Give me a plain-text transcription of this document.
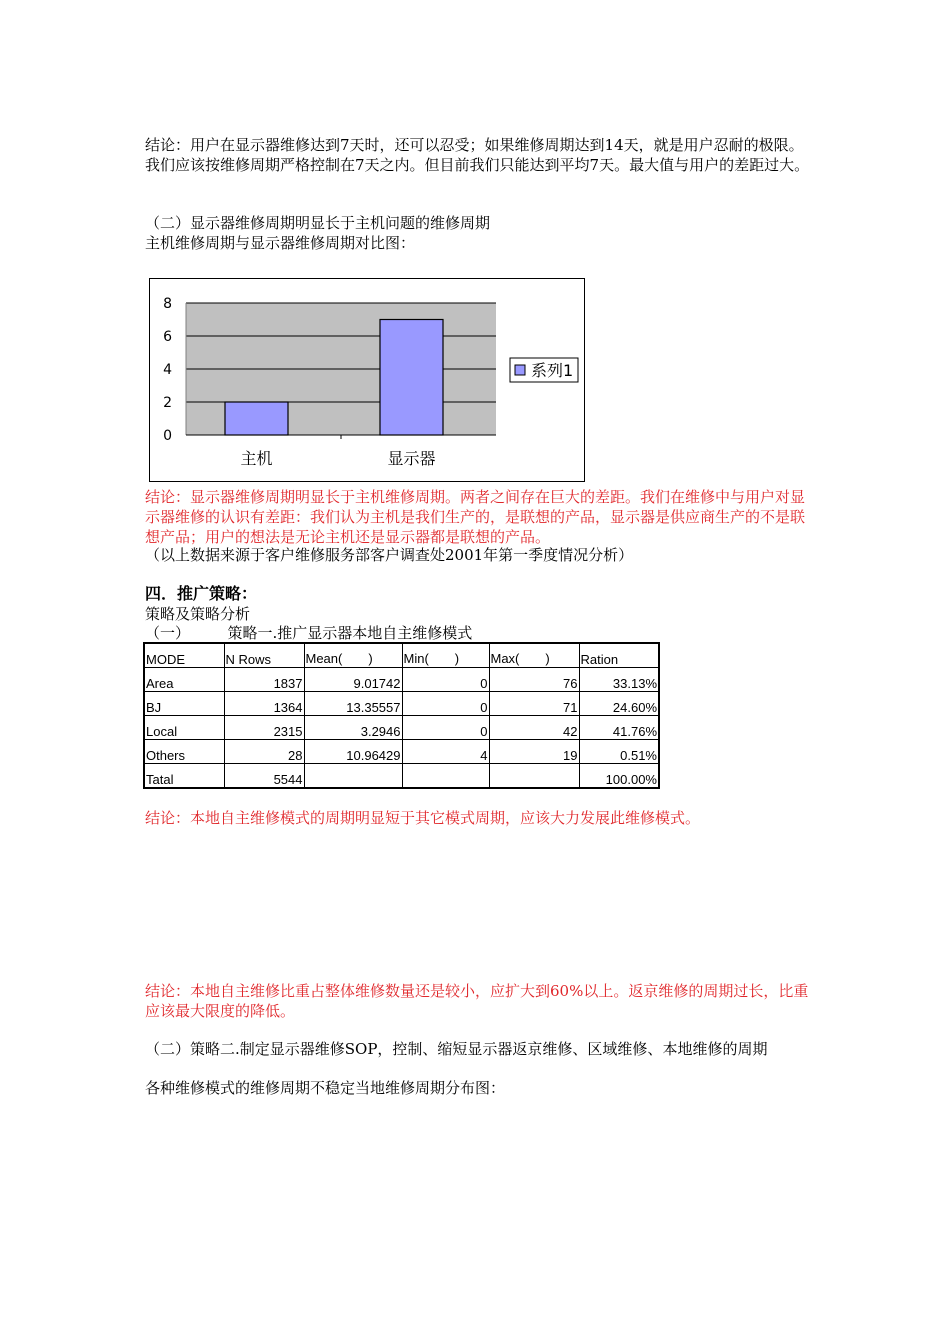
结论：用户在显示器维修达到7天时，还可以忍受；如果维修周期达到14天，就是用户忍耐的极限。我们应该按维修周期严格控制在7天之内。但目前我们只能达到平均7天。最大值与用户的差距过大。

（二）显示器维修周期明显长于主机问题的维修周期

主机维修周期与显示器维修周期对比图：

0
2
4
6
8
主机	显示器
系列1

结论：显示器维修周期明显长于主机维修周期。两者之间存在巨大的差距。我们在维修中与用户对显示器维修的认识有差距：我们认为主机是我们生产的，是联想的产品，显示器是供应商生产的不是联想产品；用户的想法是无论主机还是显示器都是联想的产品。

（以上数据来源于客户维修服务部客户调查处2001年第一季度情况分析）

四．推广策略：

策略及策略分析

（一）　　　策略一.推广显示器本地自主维修模式

MODE	N Rows	Mean(　　)	Min(　　)	Max(　　)	Ration
Area	1837	9.01742	0	76	33.13%
BJ	1364	13.35557	0	71	24.60%
Local	2315	3.2946	0	42	41.76%
Others	28	10.96429	4	19	0.51%
Tatal	5544				100.00%

结论：本地自主维修模式的周期明显短于其它模式周期，应该大力发展此维修模式。

结论：本地自主维修比重占整体维修数量还是较小，应扩大到60%以上。返京维修的周期过长，比重应该最大限度的降低。

（二）策略二.制定显示器维修SOP，控制、缩短显示器返京维修、区域维修、本地维修的周期

各种维修模式的维修周期不稳定当地维修周期分布图：
